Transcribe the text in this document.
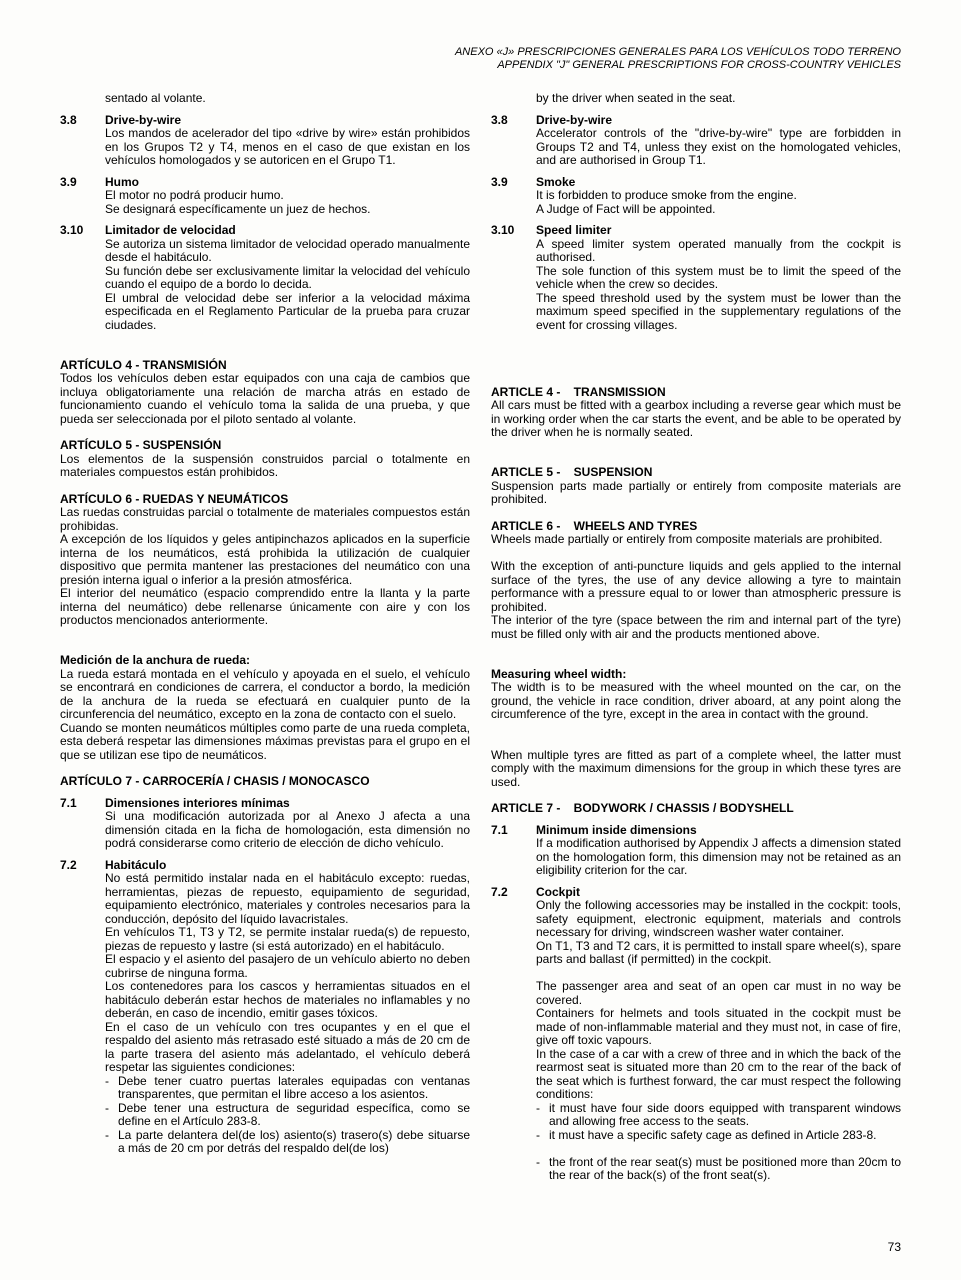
ANEXO «J» PRESCRIPCIONES GENERALES PARA LOS VEHÍCULOS TODO TERRENO
APPENDIX "J" GENERAL PRESCRIPTIONS FOR CROSS-COUNTRY VEHICLES
sentado al volante.
3.8	Drive-by-wire
Los mandos de acelerador del tipo «drive by wire» están prohibidos en los Grupos T2 y T4, menos en el caso de que existan en los vehículos homologados y se autoricen en el Grupo T1.
3.9	Humo
El motor no podrá producir humo.
Se designará específicamente un juez de hechos.
3.10	Limitador de velocidad
Se autoriza un sistema limitador de velocidad operado manualmente desde el habitáculo.
Su función debe ser exclusivamente limitar la velocidad del vehículo cuando el equipo de a bordo lo decida.
El umbral de velocidad debe ser inferior a la velocidad máxima especificada en el Reglamento Particular de la prueba para cruzar ciudades.
ARTÍCULO 4 - TRANSMISIÓN
Todos los vehículos deben estar equipados con una caja de cambios que incluya obligatoriamente una relación de marcha atrás en estado de funcionamiento cuando el vehículo toma la salida de una prueba, y que pueda ser seleccionada por el piloto sentado al volante.
ARTÍCULO 5 - SUSPENSIÓN
Los elementos de la suspensión construidos parcial o totalmente en materiales compuestos están prohibidos.
ARTÍCULO 6 - RUEDAS Y NEUMÁTICOS
Las ruedas construidas parcial o totalmente de materiales compuestos están prohibidas.
A excepción de los líquidos y geles antipinchazos aplicados en la superficie interna de los neumáticos, está prohibida la utilización de cualquier dispositivo que permita mantener las prestaciones del neumático con una presión interna igual o inferior a la presión atmosférica.
El interior del neumático (espacio comprendido entre la llanta y la parte interna del neumático) debe rellenarse únicamente con aire y con los productos mencionados anteriormente.
Medición de la anchura de rueda:
La rueda estará montada en el vehículo y apoyada en el suelo, el vehículo se encontrará en condiciones de carrera, el conductor a bordo, la medición de la anchura de la rueda se efectuará en cualquier punto de la circunferencia del neumático, excepto en la zona de contacto con el suelo.
Cuando se monten neumáticos múltiples como parte de una rueda completa, esta deberá respetar las dimensiones máximas previstas para el grupo en el que se utilizan ese tipo de neumáticos.
ARTÍCULO 7 - CARROCERÍA / CHASIS / MONOCASCO
7.1	Dimensiones interiores mínimas
Si una modificación autorizada por al Anexo J afecta a una dimensión citada en la ficha de homologación, esta dimensión no podrá considerarse como criterio de elección de dicho vehículo.
7.2	Habitáculo
No está permitido instalar nada en el habitáculo excepto: ruedas, herramientas, piezas de repuesto, equipamiento de seguridad, equipamiento electrónico, materiales y controles necesarios para la conducción, depósito del líquido lavacristales.
En vehículos T1, T3 y T2, se permite instalar rueda(s) de repuesto, piezas de repuesto y lastre (si está autorizado) en el habitáculo.
El espacio y el asiento del pasajero de un vehículo abierto no deben cubrirse de ninguna forma.
Los contenedores para los cascos y herramientas situados en el habitáculo deberán estar hechos de materiales no inflamables y no deberán, en caso de incendio, emitir gases tóxicos.
En el caso de un vehículo con tres ocupantes y en el que el respaldo del asiento más retrasado esté situado a más de 20 cm de la parte trasera del asiento más adelantado, el vehículo deberá respetar las siguientes condiciones:
- Debe tener cuatro puertas laterales equipadas con ventanas transparentes, que permitan el libre acceso a los asientos.
- Debe tener una estructura de seguridad específica, como se define en el Artículo 283-8.
- La parte delantera del(de los) asiento(s) trasero(s) debe situarse a más de 20 cm por detrás del respaldo del(de los)
by the driver when seated in the seat.
3.8	Drive-by-wire
Accelerator controls of the "drive-by-wire" type are forbidden in Groups T2 and T4, unless they exist on the homologated vehicles, and are authorised in Group T1.
3.9	Smoke
It is forbidden to produce smoke from the engine.
A Judge of Fact will be appointed.
3.10	Speed limiter
A speed limiter system operated manually from the cockpit is authorised.
The sole function of this system must be to limit the speed of the vehicle when the crew so decides.
The speed threshold used by the system must be lower than the maximum speed specified in the supplementary regulations of the event for crossing villages.
ARTICLE 4 -    TRANSMISSION
All cars must be fitted with a gearbox including a reverse gear which must be in working order when the car starts the event, and be able to be operated by the driver when he is normally seated.
ARTICLE 5 -    SUSPENSION
Suspension parts made partially or entirely from composite materials are prohibited.
ARTICLE 6 -    WHEELS AND TYRES
Wheels made partially or entirely from composite materials are prohibited.
With the exception of anti-puncture liquids and gels applied to the internal surface of the tyres, the use of any device allowing a tyre to maintain performance with a pressure equal to or lower than atmospheric pressure is prohibited.
The interior of the tyre (space between the rim and internal part of the tyre) must be filled only with air and the products mentioned above.
Measuring wheel width:
The width is to be measured with the wheel mounted on the car, on the ground, the vehicle in race condition, driver aboard, at any point along the circumference of the tyre, except in the area in contact with the ground.
When multiple tyres are fitted as part of a complete wheel, the latter must comply with the maximum dimensions for the group in which these tyres are used.
ARTICLE 7 -    BODYWORK / CHASSIS / BODYSHELL
7.1	Minimum inside dimensions
If a modification authorised by Appendix J affects a dimension stated on the homologation form, this dimension may not be retained as an eligibility criterion for the car.
7.2	Cockpit
Only the following accessories may be installed in the cockpit: tools, safety equipment, electronic equipment, materials and controls necessary for driving, windscreen washer water container.
On T1, T3 and T2 cars, it is permitted to install spare wheel(s), spare parts and ballast (if permitted) in the cockpit.
The passenger area and seat of an open car must in no way be covered.
Containers for helmets and tools situated in the cockpit must be made of non-inflammable material and they must not, in case of fire, give off toxic vapours.
In the case of a car with a crew of three and in which the back of the rearmost seat is situated more than 20 cm to the rear of the back of the seat which is furthest forward, the car must respect the following conditions:
- it must have four side doors equipped with transparent windows and allowing free access to the seats.
- it must have a specific safety cage as defined in Article 283-8.
- the front of the rear seat(s) must be positioned more than 20cm to the rear of the back(s) of the front seat(s).
73
